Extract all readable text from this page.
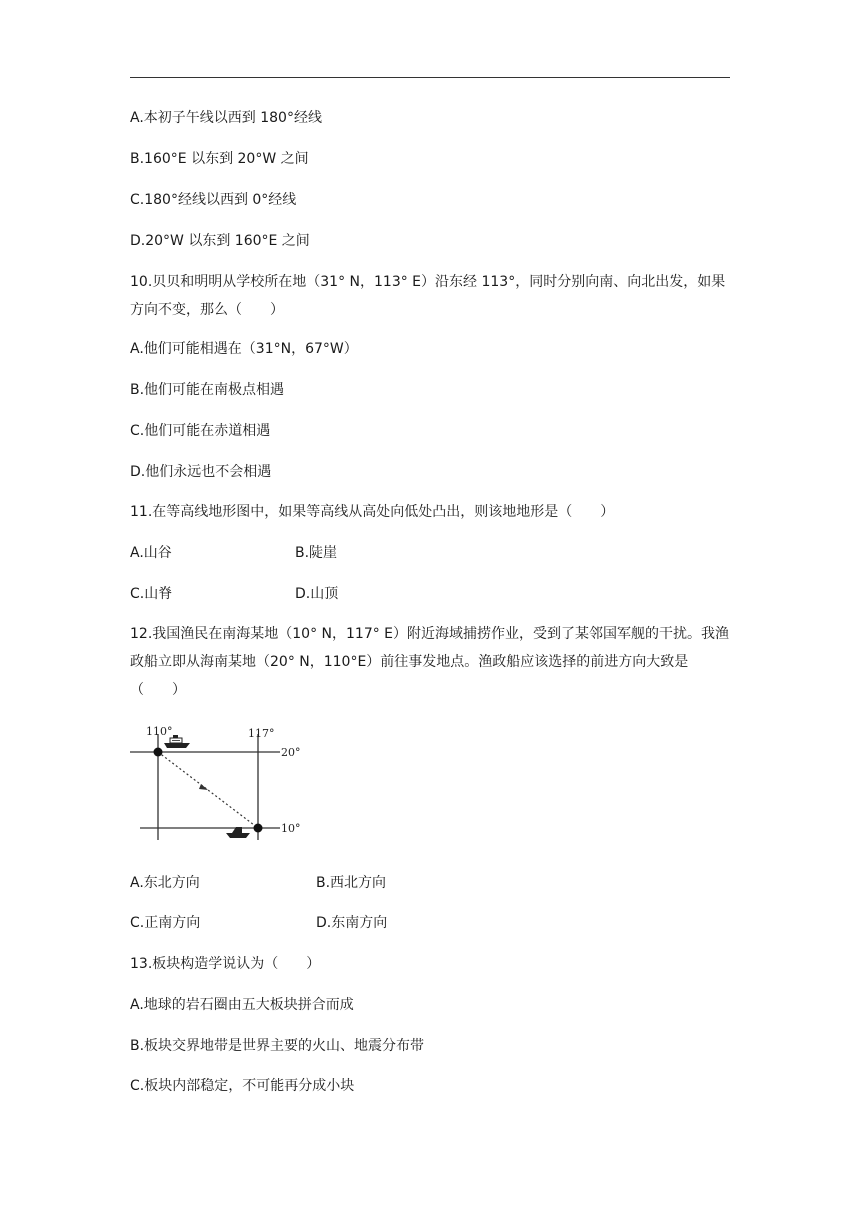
A.本初子午线以西到 180°经线
B.160°E 以东到 20°W 之间
C.180°经线以西到 0°经线
D.20°W 以东到 160°E 之间
10.贝贝和明明从学校所在地（31° N，113° E）沿东经 113°，同时分别向南、向北出发，如果方向不变，那么（　　）
A.他们可能相遇在（31°N，67°W）
B.他们可能在南极点相遇
C.他们可能在赤道相遇
D.他们永远也不会相遇
11.在等高线地形图中，如果等高线从高处向低处凸出，则该地地形是（　　）
A.山谷	B.陡崖
C.山脊	D.山顶
12.我国渔民在南海某地（10° N，117° E）附近海域捕捞作业，受到了某邻国军舰的干扰。我渔政船立即从海南某地（20° N，110°E）前往事发地点。渔政船应该选择的前进方向大致是（　　）
110°	117°
20°
10°
A.东北方向	B.西北方向
C.正南方向	D.东南方向
13.板块构造学说认为（　　）
A.地球的岩石圈由五大板块拼合而成
B.板块交界地带是世界主要的火山、地震分布带
C.板块内部稳定，不可能再分成小块
